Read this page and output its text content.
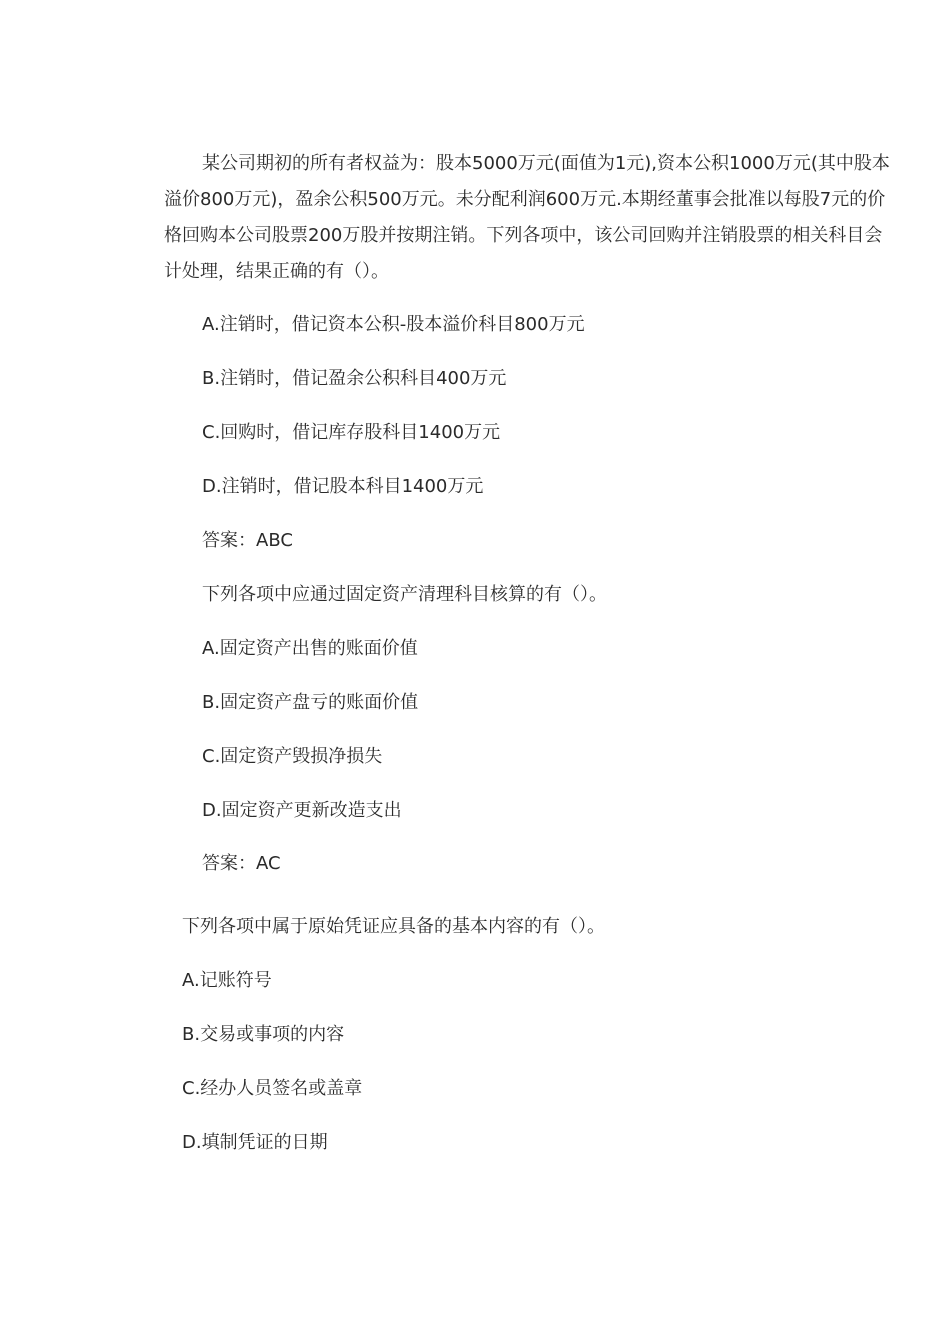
某公司期初的所有者权益为：股本5000万元(面值为1元),资本公积1000万元(其中股本
溢价800万元)，盈余公积500万元。未分配利润600万元.本期经董事会批准以每股7元的价
格回购本公司股票200万股并按期注销。下列各项中，该公司回购并注销股票的相关科目会
计处理，结果正确的有（）。
A.注销时，借记资本公积-股本溢价科目800万元
B.注销时，借记盈余公积科目400万元
C.回购时，借记库存股科目1400万元
D.注销时，借记股本科目1400万元
答案：ABC
下列各项中应通过固定资产清理科目核算的有（）。
A.固定资产出售的账面价值
B.固定资产盘亏的账面价值
C.固定资产毁损净损失
D.固定资产更新改造支出
答案：AC
下列各项中属于原始凭证应具备的基本内容的有（）。
A.记账符号
B.交易或事项的内容
C.经办人员签名或盖章
D.填制凭证的日期
